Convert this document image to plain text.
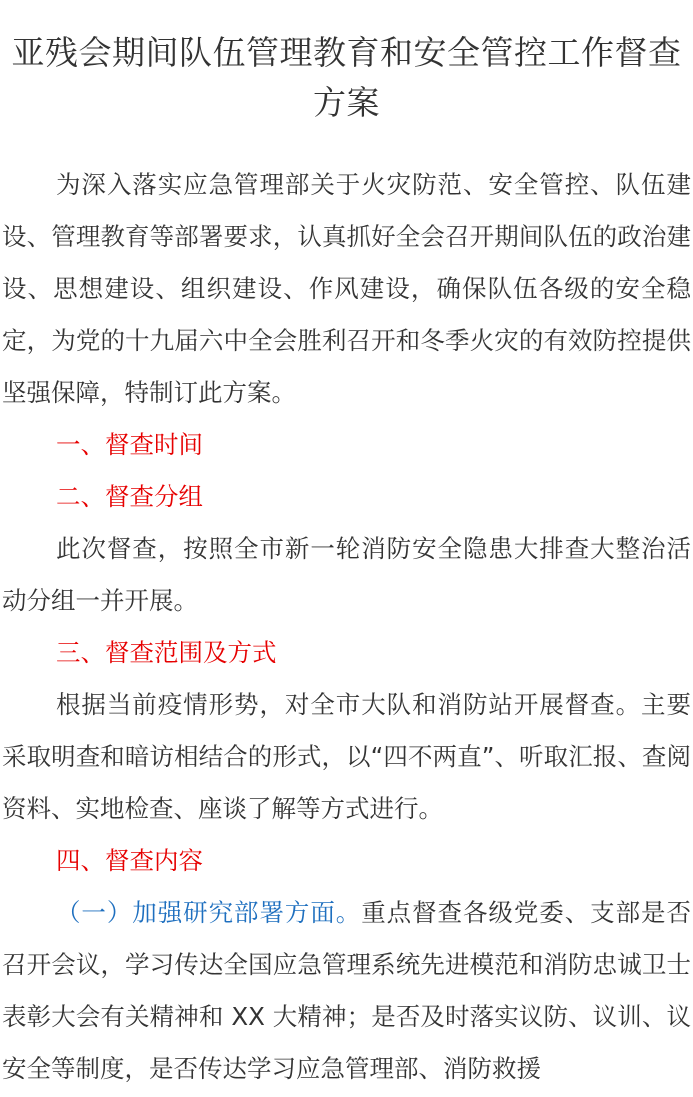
亚残会期间队伍管理教育和安全管控工作督查方案

为深入落实应急管理部关于火灾防范、安全管控、队伍建设、管理教育等部署要求，认真抓好全会召开期间队伍的政治建设、思想建设、组织建设、作风建设，确保队伍各级的安全稳定，为党的十九届六中全会胜利召开和冬季火灾的有效防控提供坚强保障，特制订此方案。

一、督查时间

二、督查分组

此次督查，按照全市新一轮消防安全隐患大排查大整治活动分组一并开展。

三、督查范围及方式

根据当前疫情形势，对全市大队和消防站开展督查。主要采取明查和暗访相结合的形式，以“四不两直”、听取汇报、查阅资料、实地检查、座谈了解等方式进行。

四、督查内容

（一）加强研究部署方面。重点督查各级党委、支部是否召开会议，学习传达全国应急管理系统先进模范和消防忠诚卫士表彰大会有关精神和 XX 大精神；是否及时落实议防、议训、议安全等制度，是否传达学习应急管理部、消防救援
